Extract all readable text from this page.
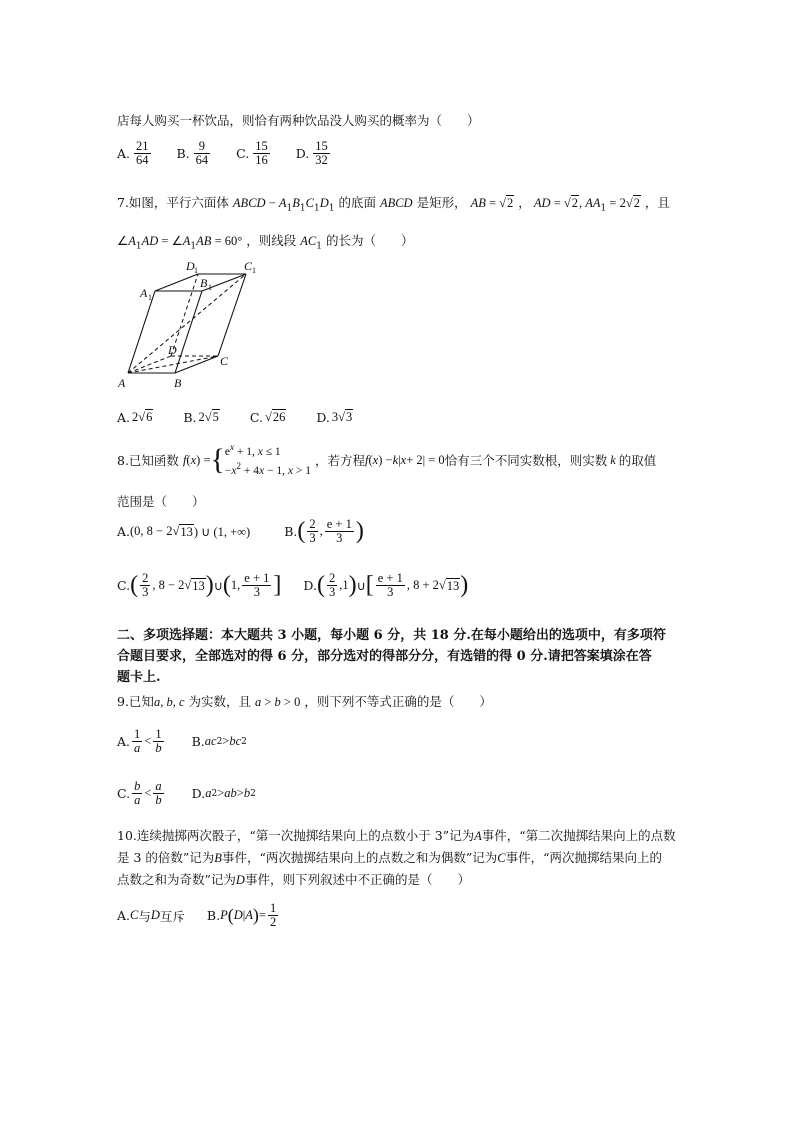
店每人购买一杯饮品，则恰有两种饮品没人购买的概率为（　　）
A. $\frac{21}{64}$
B. $\frac{9}{64}$
C. $\frac{15}{16}$
D. $\frac{15}{32}$
7.如图，平行六面体 ABCD − $A_1B_1C_1D_1$ 的底面 ABCD 是矩形， AB = √2 ， AD = √2, $AA_1 = 2√2$ ，且
$\angle A_1AD$ = $\angle A_1AB = 60^\circ$ ，则线段 $AC_1$ 的长为（　　）
A	B
C
D
A
B
C
D
1
1
1
1
A. 2 √ 6
B. 2 √ 5
C. √ 26
D. 3 √ 3
8.已知函数 f ( x ) = { $e^x + 1$, x ≤ 1
$-x^2 + 4x - 1$, x > 1
，若方程 f ( x ) − k | x + 2| = 0 恰有三个不同实数根，则实数 k 的取值
范围是（　　）
A. (0, 8 − 2√ 13 ) ∪ (1, +∞)	B. ( $\frac{2}{3}$ , $\frac{e + 1}{3}$ )
C. ( $\frac{2}{3}$ , 8 − 2√ 13 ) ∪ ( 1, $\frac{e + 1}{3}$ ] D. ( $\frac{2}{3} ,1$ ) ∪ [ $\frac{e + 1}{3}$ , 8 + 2√ 13 )
二、多项选择题：本大题共 3 小题，每小题 6 分，共 18 分.在每小题给出的选项中，有多项符
合题目要求，全部选对的得 6 分，部分选对的得部分分，有选错的得 0 分.请把答案填涂在答
题卡上.
9.已知a, b, c 为实数，且 a > b > 0 ，则下列不等式正确的是（　　）
A. $\frac{1}{a} < \frac{1}{b} B$. ac 2 > bc 2
C. $\frac{b}{a} < \frac{a}{b} D$. a 2 > ab > b 2
10.连续抛掷两次骰子，“第一次抛掷结果向上的点数小于 3”记为A事件，“第二次抛掷结果向上的点数
是 3 的倍数”记为B事件，“两次抛掷结果向上的点数之和为偶数”记为C事件，“两次抛掷结果向上的
点数之和为奇数”记为D事件，则下列叙述中不正确的是（　　）
A. C 与 D 互斥 B. P ( D | A ) = $\frac{1}{2}$
